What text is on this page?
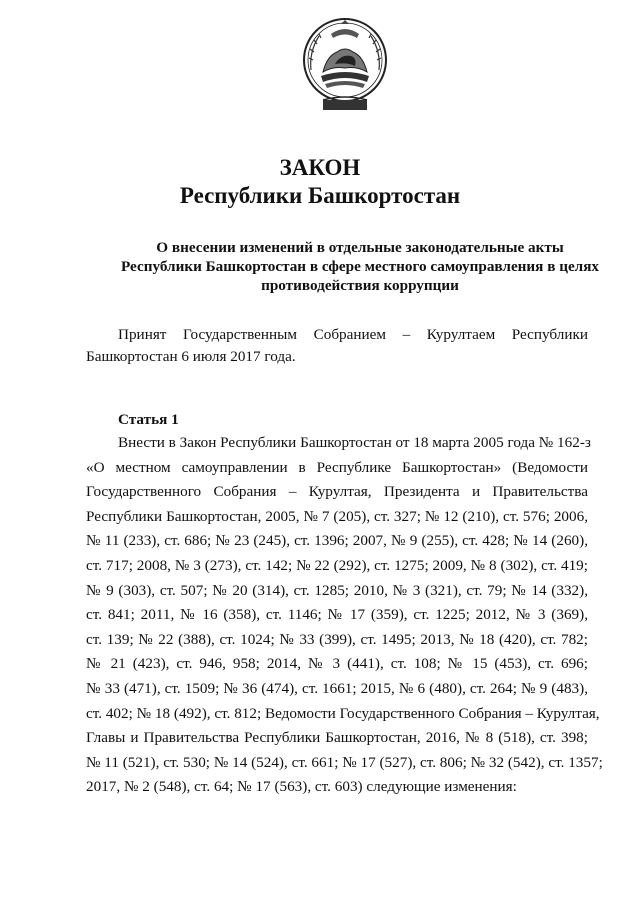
ЗАКОН
Республики Башкортостан
О внесении изменений в отдельные законодательные акты
Республики Башкортостан в сфере местного самоуправления в целях
противодействия коррупции
Принят Государственным Собранием – Курултаем Республики
Башкортостан 6 июля 2017 года.
Статья 1
Внести в Закон Республики Башкортостан от 18 марта 2005 года № 162-з
«О местном самоуправлении в Республике Башкортостан» (Ведомости
Государственного Собрания – Курултая, Президента и Правительства
Республики Башкортостан, 2005, № 7 (205), ст. 327; № 12 (210), ст. 576; 2006,
№ 11 (233), ст. 686; № 23 (245), ст. 1396; 2007, № 9 (255), ст. 428; № 14 (260),
ст. 717; 2008, № 3 (273), ст. 142; № 22 (292), ст. 1275; 2009, № 8 (302), ст. 419;
№ 9 (303), ст. 507; № 20 (314), ст. 1285; 2010, № 3 (321), ст. 79; № 14 (332),
ст. 841; 2011, № 16 (358), ст. 1146; № 17 (359), ст. 1225; 2012, № 3 (369),
ст. 139; № 22 (388), ст. 1024; № 33 (399), ст. 1495; 2013, № 18 (420), ст. 782;
№ 21 (423), ст. 946, 958; 2014, № 3 (441), ст. 108; № 15 (453), ст. 696;
№ 33 (471), ст. 1509; № 36 (474), ст. 1661; 2015, № 6 (480), ст. 264; № 9 (483),
ст. 402; № 18 (492), ст. 812; Ведомости Государственного Собрания – Курултая,
Главы и Правительства Республики Башкортостан, 2016, № 8 (518), ст. 398;
№ 11 (521), ст. 530; № 14 (524), ст. 661; № 17 (527), ст. 806; № 32 (542), ст. 1357;
2017, № 2 (548), ст. 64; № 17 (563), ст. 603) следующие изменения:
